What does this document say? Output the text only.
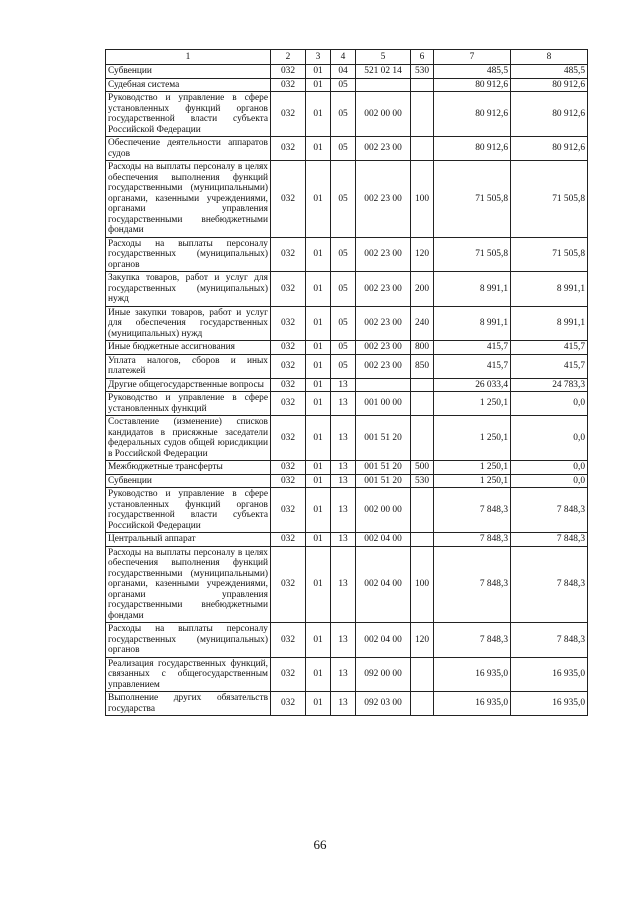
1	2	3	4	5	6	7	8
Субвенции	032	01	04	521 02 14	530	485,5	485,5
Судебная система	032	01	05			80 912,6	80 912,6
Руководство и управление в сфере установленных функций органов государственной власти субъекта Российской Федерации	032	01	05	002 00 00		80 912,6	80 912,6
Обеспечение деятельности аппаратов судов	032	01	05	002 23 00		80 912,6	80 912,6
Расходы на выплаты персоналу в целях обеспечения выполнения функций государственными (муниципальными) органами, казенными учреждениями, органами управления государственными внебюджетными фондами	032	01	05	002 23 00	100	71 505,8	71 505,8
Расходы на выплаты персоналу государственных (муниципальных) органов	032	01	05	002 23 00	120	71 505,8	71 505,8
Закупка товаров, работ и услуг для государственных (муниципальных) нужд	032	01	05	002 23 00	200	8 991,1	8 991,1
Иные закупки товаров, работ и услуг для обеспечения государственных (муниципальных) нужд	032	01	05	002 23 00	240	8 991,1	8 991,1
Иные бюджетные ассигнования	032	01	05	002 23 00	800	415,7	415,7
Уплата налогов, сборов и иных платежей	032	01	05	002 23 00	850	415,7	415,7
Другие общегосударственные вопросы	032	01	13			26 033,4	24 783,3
Руководство и управление в сфере установленных функций	032	01	13	001 00 00		1 250,1	0,0
Составление (изменение) списков кандидатов в присяжные заседатели федеральных судов общей юрисдикции в Российской Федерации	032	01	13	001 51 20		1 250,1	0,0
Межбюджетные трансферты	032	01	13	001 51 20	500	1 250,1	0,0
Субвенции	032	01	13	001 51 20	530	1 250,1	0,0
Руководство и управление в сфере установленных функций органов государственной власти субъекта Российской Федерации	032	01	13	002 00 00		7 848,3	7 848,3
Центральный аппарат	032	01	13	002 04 00		7 848,3	7 848,3
Расходы на выплаты персоналу в целях обеспечения выполнения функций государственными (муниципальными) органами, казенными учреждениями, органами управления государственными внебюджетными фондами	032	01	13	002 04 00	100	7 848,3	7 848,3
Расходы на выплаты персоналу государственных (муниципальных) органов	032	01	13	002 04 00	120	7 848,3	7 848,3
Реализация государственных функций, связанных с общегосударственным управлением	032	01	13	092 00 00		16 935,0	16 935,0
Выполнение других обязательств государства	032	01	13	092 03 00		16 935,0	16 935,0
66
